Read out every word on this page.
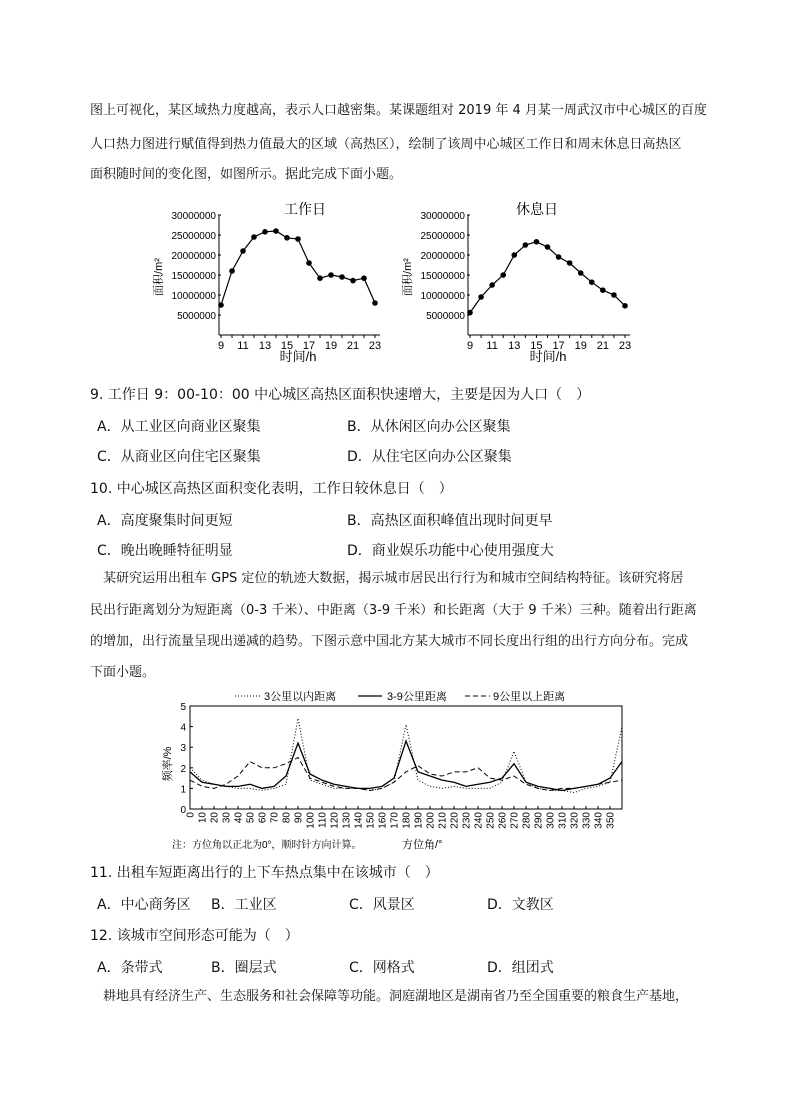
图上可视化，某区域热力度越高，表示人口越密集。某课题组对 2019 年 4 月某一周武汉市中心城区的百度
人口热力图进行赋值得到热力值最大的区域（高热区），绘制了该周中心城区工作日和周末休息日高热区
面积随时间的变化图，如图所示。据此完成下面小题。
工作日
面积/m²
5000000
10000000
15000000
20000000
25000000
30000000
9 11 13 15 17 19 21 23
时间/h
休息日
面积/m²
5000000
10000000
15000000
20000000
25000000
30000000
9 11 13 15 17 19 21 23
时间/h
9. 工作日 9：00-10：00 中心城区高热区面积快速增大，主要是因为人口（　）
A．从工业区向商业区聚集	B．从休闲区向办公区聚集
C．从商业区向住宅区聚集	D．从住宅区向办公区聚集
10. 中心城区高热区面积变化表明，工作日较休息日（　）
A．高度聚集时间更短	B．高热区面积峰值出现时间更早
C．晚出晚睡特征明显	D．商业娱乐功能中心使用强度大
某研究运用出租车 GPS 定位的轨迹大数据，揭示城市居民出行行为和城市空间结构特征。该研究将居
民出行距离划分为短距离（0-3 千米）、中距离（3-9 千米）和长距离（大于 9 千米）三种。随着出行距离
的增加，出行流量呈现出递减的趋势。下图示意中国北方某大城市不同长度出行组的出行方向分布。完成
下面小题。
3公里以内距离	3-9公里距离	9公里以上距离
频率/%
0
1
2
3
4
5
0 10 20 30 40 50 60 70 80 90 100 110 120 130 140 150 160 170 180 190 200 210 220 230 240 250 260 270 280 290 300 310 320 330 340 350
注：方位角以正北为0°，顺时针方向计算。	方位角/°
11. 出租车短距离出行的上下车热点集中在该城市（　）
A．中心商务区 B．工业区	C．风景区	D．文教区
12. 该城市空间形态可能为（　）
A．条带式	B．圈层式	C．网格式	D．组团式
耕地具有经济生产、生态服务和社会保障等功能。洞庭湖地区是湖南省乃至全国重要的粮食生产基地，
